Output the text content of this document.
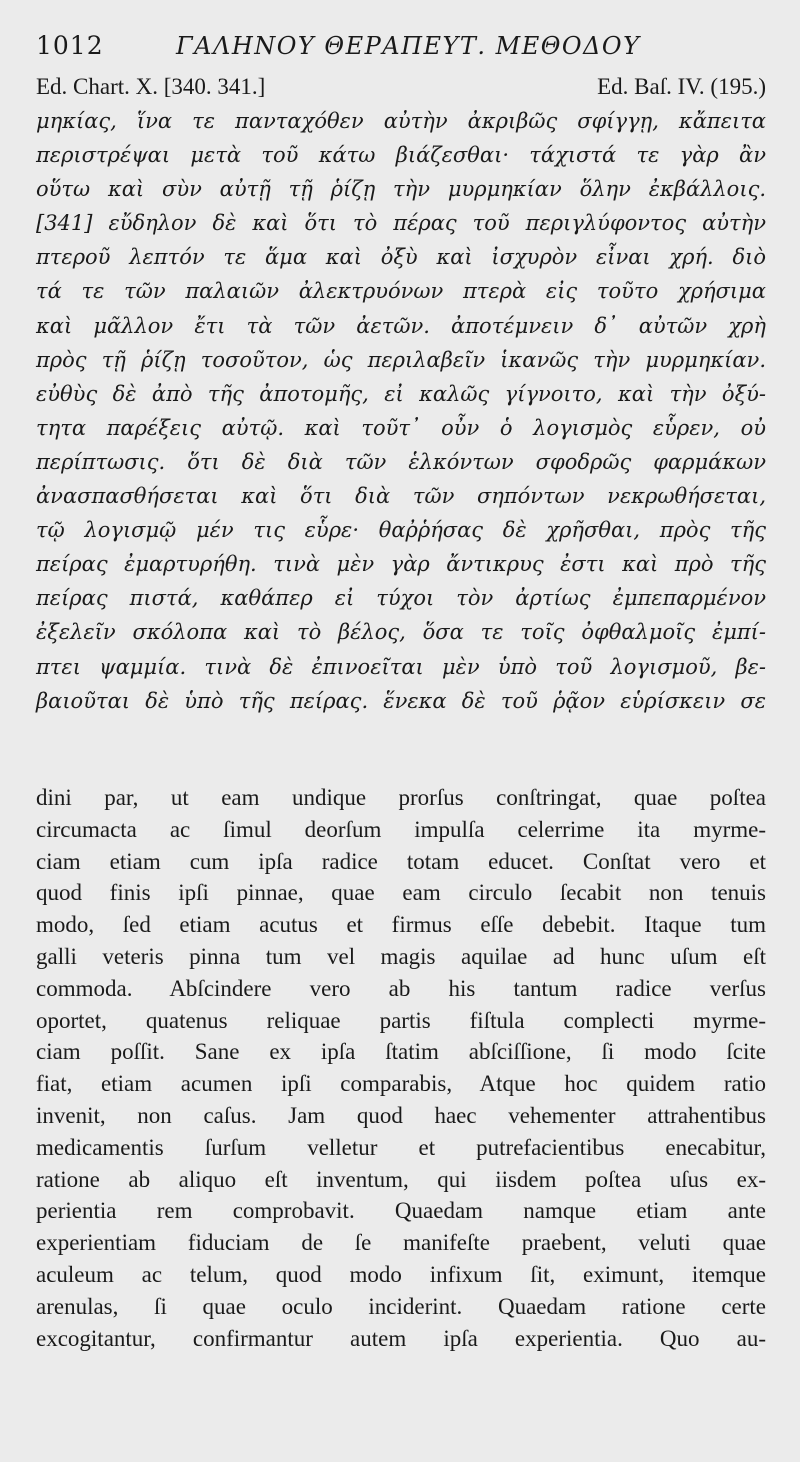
1012	ΓΑΛΗΝΟΥ ΘΕΡΑΠΕΥΤ. ΜΕΘΟΔΟΥ
Ed. Chart. X. [340. 341.]	Ed. Baſ. IV. (195.)
μηκίας, ἵνα τε πανταχόθεν αὐτὴν ἀκριβῶς σφίγγῃ, κἄπειτα
περιστρέψαι μετὰ τοῦ κάτω βιάζεσθαι· τάχιστά τε γὰρ ἂν
οὕτω καὶ σὺν αὐτῇ τῇ ῥίζῃ τὴν μυρμηκίαν ὅλην ἐκβάλλοις.
[341] εὔδηλον δὲ καὶ ὅτι τὸ πέρας τοῦ περιγλύφοντος αὐτὴν
πτεροῦ λεπτόν τε ἅμα καὶ ὀξὺ καὶ ἰσχυρὸν εἶναι χρή. διὸ
τά τε τῶν παλαιῶν ἀλεκτρυόνων πτερὰ εἰς τοῦτο χρήσιμα
καὶ μᾶλλον ἔτι τὰ τῶν ἀετῶν. ἀποτέμνειν δ᾽ αὐτῶν χρὴ
πρὸς τῇ ῥίζῃ τοσοῦτον, ὡς περιλαβεῖν ἱκανῶς τὴν μυρμηκίαν.
εὐθὺς δὲ ἀπὸ τῆς ἀποτομῆς, εἰ καλῶς γίγνοιτο, καὶ τὴν ὀξύ-
τητα παρέξεις αὐτῷ. καὶ τοῦτ᾽ οὖν ὁ λογισμὸς εὗρεν, οὐ
περίπτωσις. ὅτι δὲ διὰ τῶν ἑλκόντων σφοδρῶς φαρμάκων
ἀνασπασθήσεται καὶ ὅτι διὰ τῶν σηπόντων νεκρωθήσεται,
τῷ λογισμῷ μέν τις εὗρε· θαῤῥήσας δὲ χρῆσθαι, πρὸς τῆς
πείρας ἐμαρτυρήθη. τινὰ μὲν γὰρ ἄντικρυς ἐστι καὶ πρὸ τῆς
πείρας πιστά, καθάπερ εἰ τύχοι τὸν ἀρτίως ἐμπεπαρμένον
ἐξελεῖν σκόλοπα καὶ τὸ βέλος, ὅσα τε τοῖς ὀφθαλμοῖς ἐμπί-
πτει ψαμμία. τινὰ δὲ ἐπινοεῖται μὲν ὑπὸ τοῦ λογισμοῦ, βε-
βαιοῦται δὲ ὑπὸ τῆς πείρας. ἕνεκα δὲ τοῦ ῥᾷον εὑρίσκειν σε
dini par, ut eam undique prorſus conſtringat, quae poſtea
circumacta ac ſimul deorſum impulſa celerrime ita myrme-
ciam etiam cum ipſa radice totam educet. Conſtat vero et
quod finis ipſi pinnae, quae eam circulo ſecabit non tenuis
modo, ſed etiam acutus et firmus eſſe debebit. Itaque tum
galli veteris pinna tum vel magis aquilae ad hunc uſum eſt
commoda. Abſcindere vero ab his tantum radice verſus
oportet, quatenus reliquae partis fiſtula complecti myrme-
ciam poſſit. Sane ex ipſa ſtatim abſciſſione, ſi modo ſcite
fiat, etiam acumen ipſi comparabis, Atque hoc quidem ratio
invenit, non caſus. Jam quod haec vehementer attrahentibus
medicamentis ſurſum velletur et putrefacientibus enecabitur,
ratione ab aliquo eſt inventum, qui iisdem poſtea uſus ex-
perientia rem comprobavit. Quaedam namque etiam ante
experientiam fiduciam de ſe manifeſte praebent, veluti quae
aculeum ac telum, quod modo infixum ſit, eximunt, itemque
arenulas, ſi quae oculo inciderint. Quaedam ratione certe
excogitantur, confirmantur autem ipſa experientia. Quo au-
